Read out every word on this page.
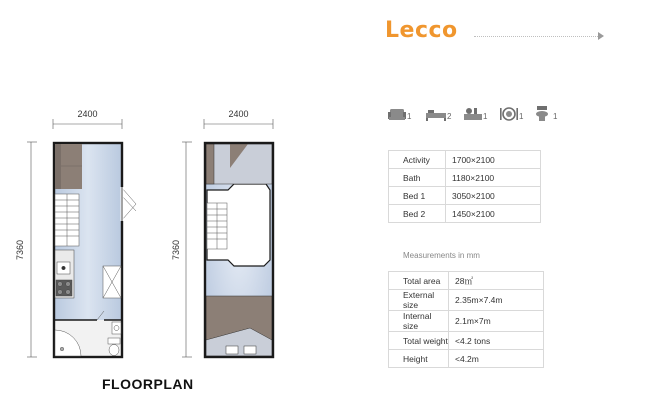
Lecco
2400
7360
2400
7360
FLOORPLAN
1	2	1	1	1
Activity	1700×2100
Bath	1180×2100
Bed 1	3050×2100
Bed 2	1450×2100
Measurements in mm
Total area	28㎡
External size	2.35m×7.4m
Internal size	2.1m×7m
Total weight	<4.2 tons
Height	<4.2m
